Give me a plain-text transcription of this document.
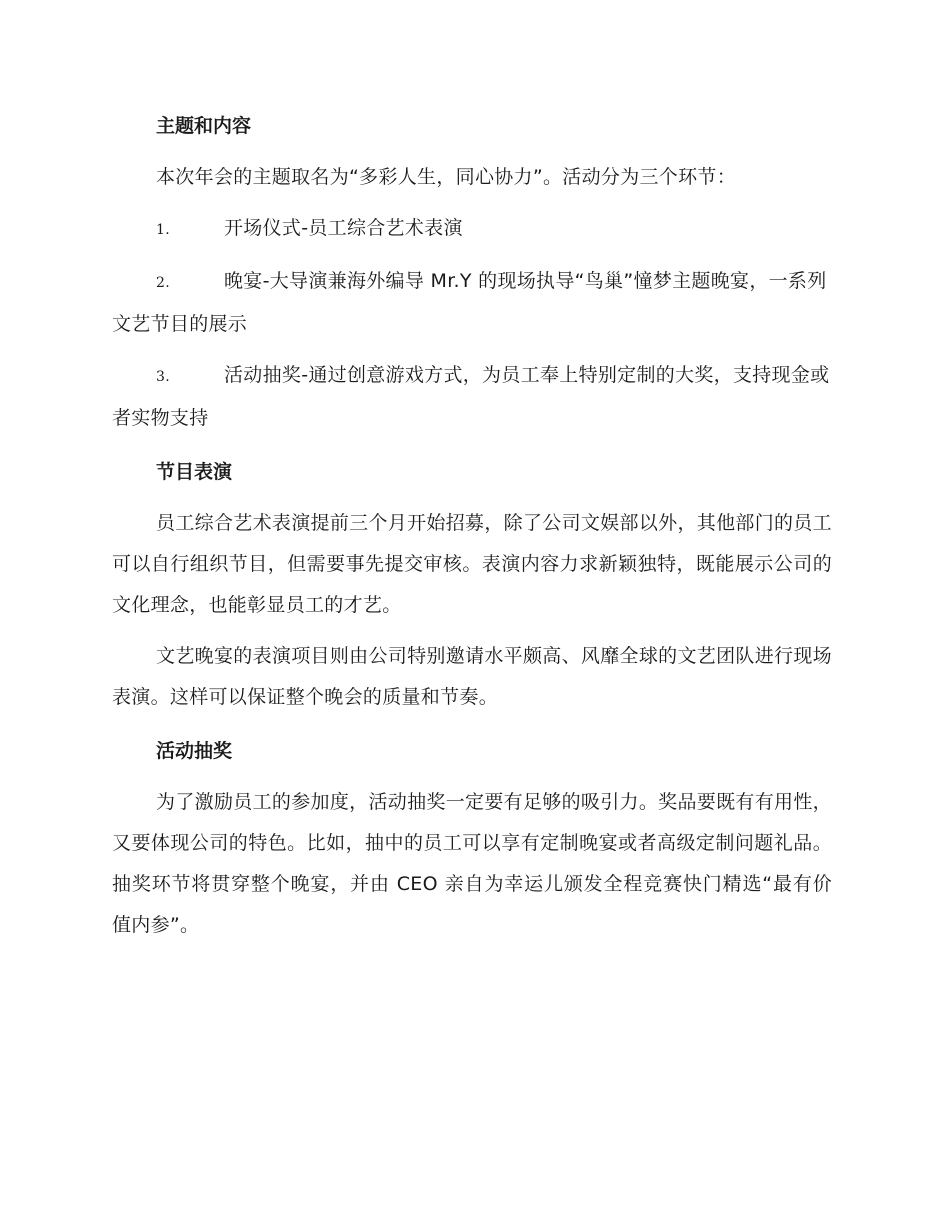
主题和内容
本次年会的主题取名为“多彩人生，同心协力”。活动分为三个环节：
1.	开场仪式-员工综合艺术表演
2.	晚宴-大导演兼海外编导 Mr.Y 的现场执导“鸟巢”憧梦主题晚宴，一系列文艺节目的展示
3.	活动抽奖-通过创意游戏方式，为员工奉上特别定制的大奖，支持现金或者实物支持
节目表演
员工综合艺术表演提前三个月开始招募，除了公司文娱部以外，其他部门的员工可以自行组织节目，但需要事先提交审核。表演内容力求新颖独特，既能展示公司的文化理念，也能彰显员工的才艺。
文艺晚宴的表演项目则由公司特别邀请水平颇高、风靡全球的文艺团队进行现场表演。这样可以保证整个晚会的质量和节奏。
活动抽奖
为了激励员工的参加度，活动抽奖一定要有足够的吸引力。奖品要既有有用性，又要体现公司的特色。比如，抽中的员工可以享有定制晚宴或者高级定制问题礼品。抽奖环节将贯穿整个晚宴，并由 CEO 亲自为幸运儿颁发全程竞赛快门精选“最有价值内参”。
